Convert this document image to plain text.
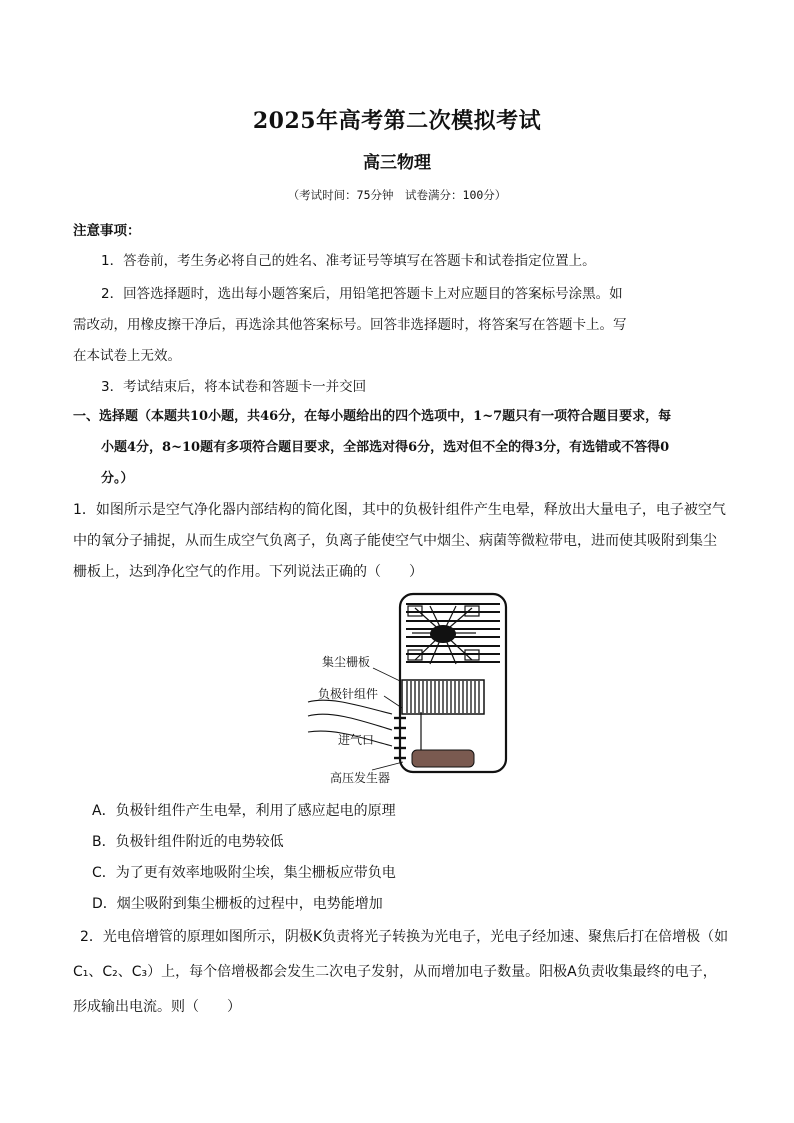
2025年高考第二次模拟考试
高三物理
（考试时间：75分钟　试卷满分：100分）
注意事项：
1．答卷前，考生务必将自己的姓名、准考证号等填写在答题卡和试卷指定位置上。
2．回答选择题时，选出每小题答案后，用铅笔把答题卡上对应题目的答案标号涂黑。如
需改动，用橡皮擦干净后，再选涂其他答案标号。回答非选择题时，将答案写在答题卡上。写
在本试卷上无效。
3．考试结束后，将本试卷和答题卡一并交回
一、选择题（本题共10小题，共46分，在每小题给出的四个选项中，1~7题只有一项符合题目要求，每
小题4分，8~10题有多项符合题目要求，全部选对得6分，选对但不全的得3分，有选错或不答得0
分。）
1．如图所示是空气净化器内部结构的简化图，其中的负极针组件产生电晕，释放出大量电子，电子被空气
中的氧分子捕捉，从而生成空气负离子，负离子能使空气中烟尘、病菌等微粒带电，进而使其吸附到集尘
栅板上，达到净化空气的作用。下列说法正确的（　　）
集尘栅板
负极针组件
进气口
高压发生器
A．负极针组件产生电晕，利用了感应起电的原理
B．负极针组件附近的电势较低
C．为了更有效率地吸附尘埃，集尘栅板应带负电
D．烟尘吸附到集尘栅板的过程中，电势能增加
2．光电倍增管的原理如图所示，阴极K负责将光子转换为光电子，光电子经加速、聚焦后打在倍增极（如
C₁、C₂、C₃）上，每个倍增极都会发生二次电子发射，从而增加电子数量。阳极A负责收集最终的电子，
形成输出电流。则（　　）
